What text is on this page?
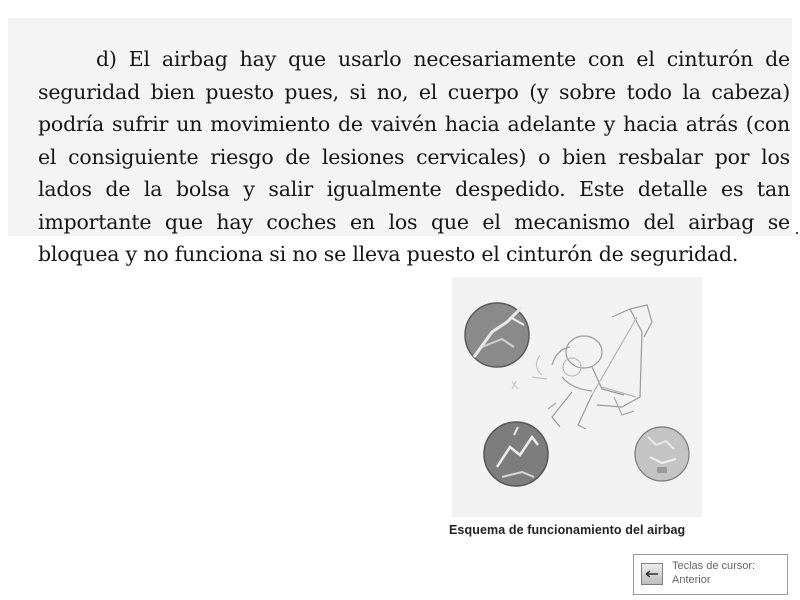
d) El airbag hay que usarlo necesariamente con el cinturón de seguridad bien puesto pues, si no, el cuerpo (y sobre todo la cabeza) podría sufrir un movimiento de vaivén hacia adelante y hacia atrás (con el consiguiente riesgo de lesiones cervicales) o bien resbalar por los lados de la bolsa y salir igualmente despedido. Este detalle es tan importante que hay coches en los que el mecanismo del airbag se bloquea y no funciona si no se lleva puesto el cinturón de seguridad.

Esquema de funcionamiento del airbag

Teclas de cursor:
Anterior
